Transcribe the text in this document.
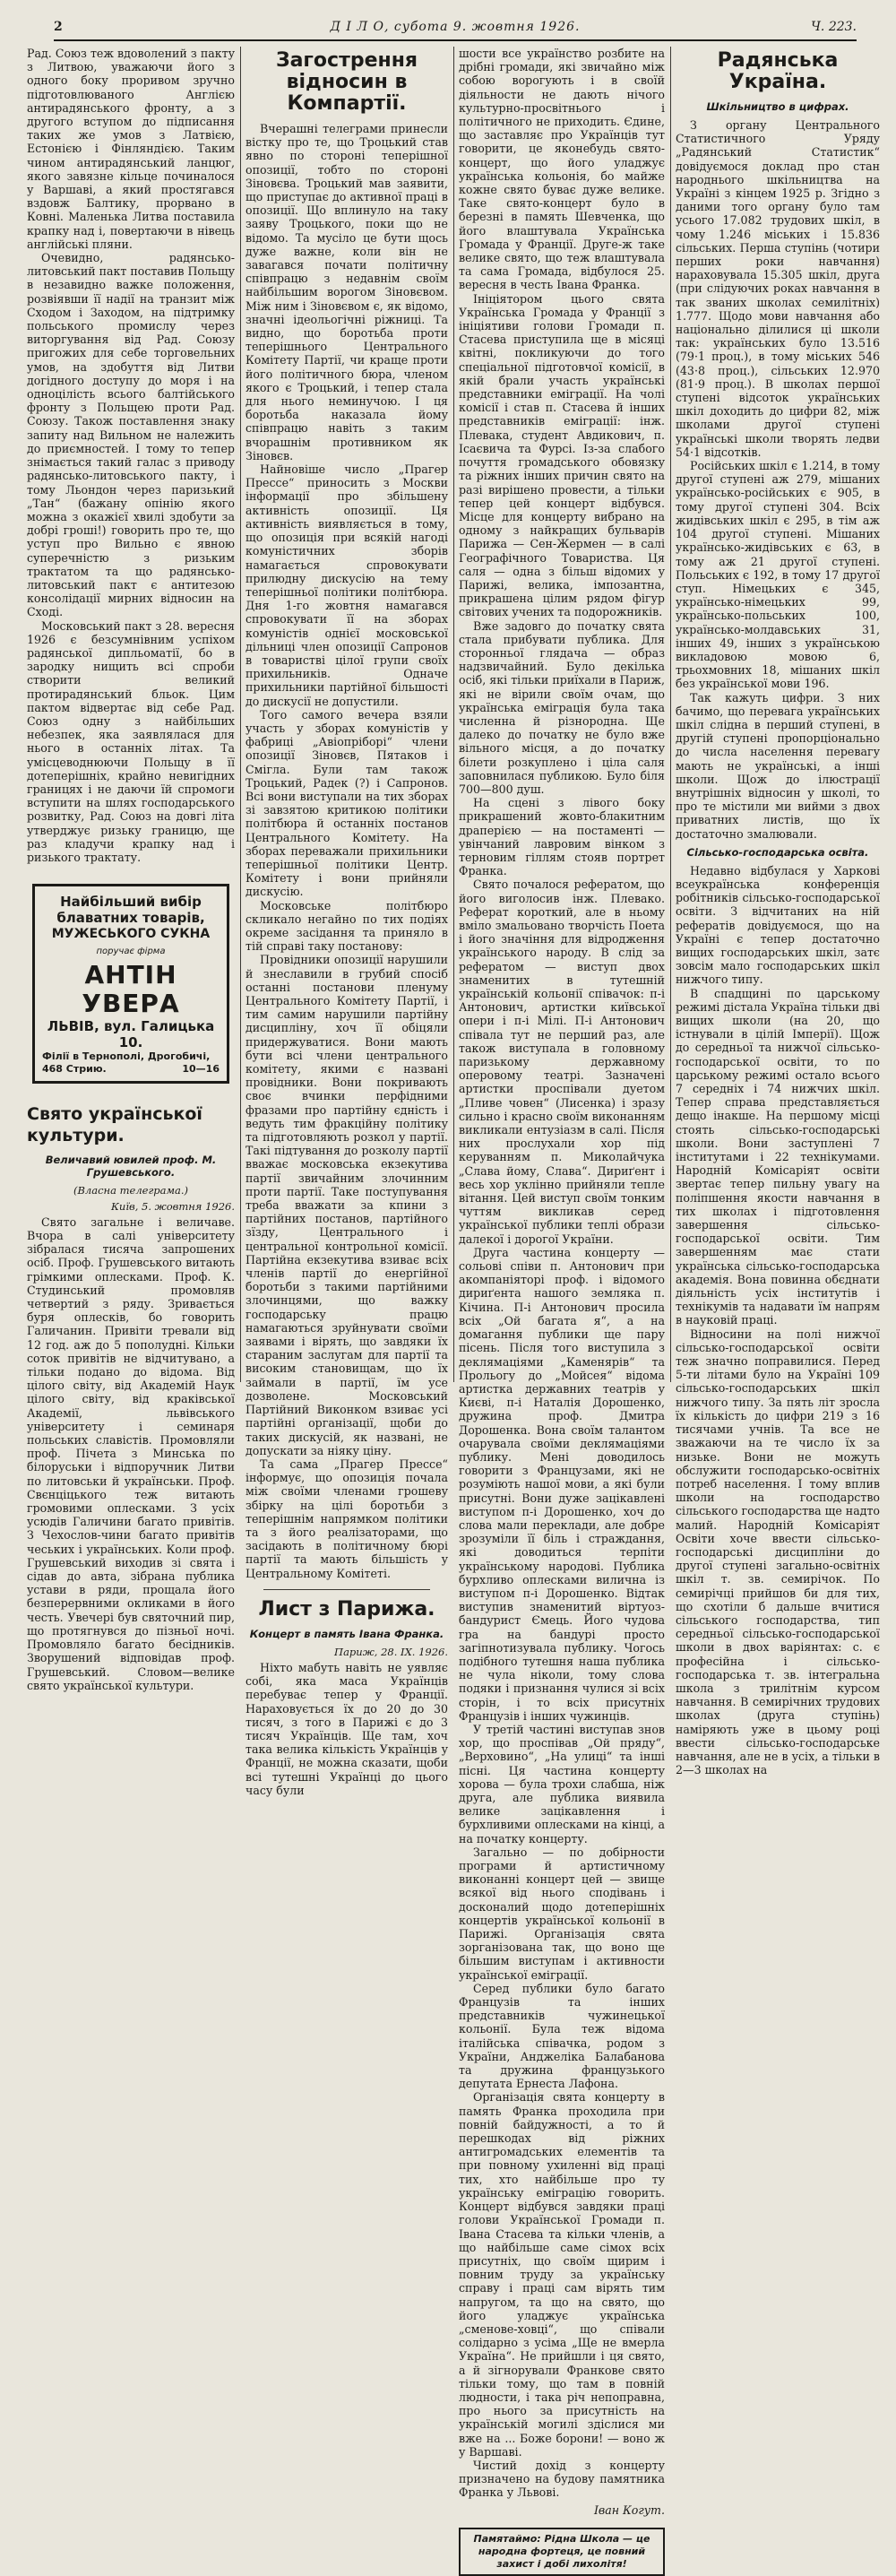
2	Д І Л О, субота 9. жовтня 1926.	Ч. 223.

Рад. Союз теж вдоволений з пакту з Литвою, уважаючи його з одного боку проривом зручно підготовлюваного Англією антирадянського фронту, а з другого вступом до підписання таких же умов з Латвією, Естонією і Фінляндією. Таким чином антирадянський ланцюг, якого завязне кільце починалося у Варшаві, а який простягався вздовж Балтику, прорвано в Ковні. Маленька Литва поставила крапку над і, повертаючи в нівець англійські пляни.

Очевидно, радянсько-литовський пакт поставив Польщу в незавидно важке положення, розвіявши її надії на транзит між Сходом і Заходом, на підтримку польського промислу через виторгування від Рад. Союзу пригожих для себе торговельних умов, на здобуття від Литви догідного доступу до моря і на одноцілість всього балтійського фронту з Польщею проти Рад. Союзу. Також поставлення знаку запиту над Вильном не належить до приємностей. І тому то тепер знімається такий галас з приводу радянсько-литовського пакту, і тому Льондон через паризький „Тан“ (бажану опінію якого можна з окажієї хвилі здобути за добрі гроші!) говорить про те, що уступ про Вильно є явною суперечністю з ризьким трактатом та що радянсько-литовський пакт є антитезою консолідації мирних відносин на Сході.

Московський пакт з 28. вересня 1926 є безсумнівним успіхом радянської дипльоматії, бо в зародку нищить всі спроби створити великий протирадянський бльок. Цим пактом відвертає від себе Рад. Союз одну з найбільших небезпек, яка заявлялася для нього в останніх літах. Та умісцеводнюючи Польщу в її дотеперішніх, крайно невигідних границях і не даючи їй спромоги вступити на шлях господарського розвитку, Рад. Союз на довгі літа утверджує ризьку границю, ще раз кладучи крапку над і ризького трактату.

Найбільший вибір
блаватних товарів,
МУЖЕСЬКОГО СУКНА
поручає фірма
АНТІН УВЕРА
ЛЬВІВ, вул. Галицька 10.
Філії в Тернополі, Дрогобичі,
468 Стрию.	10—16
Свято української культури.
Величавий ювилей проф. М. Грушевського.
(Власна телеграма.)
Київ, 5. жовтня 1926.

Свято загальне і величаве. Вчора в салі університету зібралася тисяча запрошених осіб. Проф. Грушевського витають грімкими оплесками. Проф. К. Студинський промовляв четвертий з ряду. Зривається буря оплесків, бо говорить Галичанин. Привіти тревали від 12 год. аж до 5 пополудні. Кільки соток привітів не відчитувано, а тільки подано до відома. Від цілого світу, від Академій Наук цілого світу, від краківської Академії, львівського університету і семинаря польських славістів. Промовляли проф. Пічета з Минська по білоруськи і відпоручник Литви по литовськи й українськи. Проф. Свєнціцького теж витають громовими оплесками. З усіх усюдів Галичини багато привітів. З Чехослов-чини багато привітів чеських і українських. Коли проф. Грушевський виходив зі свята і сідав до авта, зібрана публика устави в ряди, прощала його безперервними окликами в його честь. Увечері був святочний пир, що протягнувся до пізньої ночі. Промовляло багато бесідників. Зворушений відповідав проф. Грушевський. Словом—велике свято української культури.

Загострення відносин в Компартії.

Вчерашні телеграми принесли вістку про те, що Троцький став явно по стороні теперішної опозиції, тобто по стороні Зіновєва. Троцький мав заявити, що приступає до активної праці в опозиції. Що вплинуло на таку заяву Троцького, поки що не відомо. Та мусіло це бути щось дуже важне, коли він не завагався почати політичну співпрацю з недавнім своїм найбільшим ворогом Зіновєвом. Між ним і Зіновєвом є, як відомо, значні ідеольогічні ріжниці. Та видно, що боротьба проти теперішнього Центрального Комітету Партії, чи краще проти його політичного бюра, членом якого є Троцький, і тепер стала для нього неминучою. І ця боротьба наказала йому співпрацю навіть з таким вчорашнім противником як Зіновєв.

Найновіше число „Прагер Прессе“ приносить з Москви інформації про збільшену активність опозиції. Ця активність виявляється в тому, що опозиція при всякій нагоді комуністичних зборів намагається спровокувати прилюдну дискусію на тему теперішньої політики політбюра. Дня 1-го жовтня намагався спровокувати її на зборах комуністів однієї московської дільниці член опозиції Сапронов в товаристві цілої групи своїх прихильників. Одначе прихильники партійної більшості до дискусії не допустили.

Того самого вечера взяли участь у зборах комуністів у фабриці „Авіопріборі“ члени опозиції Зіновєв, Пятаков і Смігла. Були там також Троцький, Радек (?) і Сапронов. Всі вони виступали на тих зборах зі завзятою критикою політики політбюра й останніх постанов Центрального Комітету. На зборах переважали прихильники теперішньої політики Центр. Комітету і вони прийняли дискусію.

Московське політбюро скликало негайно по тих подіях окреме засідання та приняло в тій справі таку постанову:

Провідники опозиції нарушили й знеславили в грубий спосіб останні постанови пленуму Центрального Комітету Партії, і тим самим нарушили партійну дисципліну, хоч її обіцяли придержуватися. Вони мають бути всі члени центрального комітету, якими є названі провідники. Вони покривають своє вчинки перфідними фразами про партійну єдність і ведуть тим фракційну політику та підготовляють розкол у партії. Такі підтування до розколу партії вважає московська екзекутива партії звичайним злочинним проти партії. Таке поступування треба вважати за кпини з партійних постанов, партійного зїзду, Центрального і центральної контрольної комісії. Партійна екзекутива взиває всіх членів партії до енергійної боротьби з такими партійними злочинцями, що важку господарську працю намагаються зруйнувати своїми заявами і вірять, що завдяки їх стараним заслугам для партії та високим становищам, що їх займали в партії, їм усе дозволене. Московський Партійний Виконком взиває усі партійні організації, щоби до таких дискусій, як названі, не допускати за ніяку ціну.

Та сама „Прагер Прессе“ інформує, що опозиція почала між своїми членами грошеву збірку на цілі боротьби з теперішнім напрямком політики та з його реалізаторами, що засідають в політичному бюрі партії та мають більшість у Центральному Комітеті.

Лист з Парижа.
Концерт в память Івана Франка.
Париж, 28. IX. 1926.

Ніхто мабуть навіть не уявляє собі, яка маса Українців перебуває тепер у Франції. Нараховується їх до 20 до 30 тисяч, з того в Парижі є до 3 тисяч Українців. Ще там, хоч така велика кількість Українців у Франції, не можна сказати, щоби всі тутешні Українці до цього часу були

шости все українство розбите на дрібні громади, які звичайно між собою ворогують і в своїй діяльности не дають нічого культурно-просвітнього і політичного не приходить. Єдине, що заставляє про Українців тут говорити, це яконебудь свято-концерт, що його уладжує українська кольонія, бо майже кожне свято буває дуже велике. Таке свято-концерт було в березні в память Шевченка, що його влаштувала Українська Громада у Франції. Друге-ж таке велике свято, що теж влаштувала та сама Громада, відбулося 25. вересня в честь Івана Франка.

Ініціятором цього свята Українська Громада у Франції з ініціятиви голови Громади п. Стасева приступила ще в місяці квітні, покликуючи до того спеціальної підготовчої комісії, в якій брали участь українські представники еміграції. На чолі комісії і став п. Стасева й інших представників еміграції: інж. Плевака, студент Авдикович, п. Ісаєвича та Фурсі. Із-за слабого почуття громадського обовязку та ріжних інших причин свято на разі вирішено провести, а тільки тепер цей концерт відбувся. Місце для концерту вибрано на одному з найкращих бульварів Парижа — Сен-Жермен — в салі Географічного Товариства. Ця саля — одна з більш відомих у Парижі, велика, імпозантна, прикрашена цілим рядом фігур світових учених та подорожників.

Вже задовго до початку свята стала прибувати публика. Для сторонньої глядача — образ надзвичайний. Було декілька осіб, які тільки приїхали в Париж, які не вірили своїм очам, що українська еміграція була така численна й різнородна. Ще далеко до початку не було вже вільного місця, а до початку білети розкуплено і ціла саля заповнилася публикою. Було біля 700—800 душ.

На сцені з лівого боку прикрашений жовто-блакитним драперією — на постаменті — увінчаний лавровим вінком з терновим гіллям стояв портрет Франка.

Свято почалося рефератом, що його виголосив інж. Плевако. Реферат короткий, але в ньому вміло змальовано творчість Поета і його значіння для відродження українського народу. В слід за рефератом — виступ двох знаменитих в тутешній українській кольонії співачок: п-і Антонович, артистки київської опери і п-і Мілі. П-і Антонович співала тут не перший раз, але також виступала в головному паризькому державному оперовому театрі. Зазначені артистки проспівали дуетом „Пливе човен“ (Лисенка) і зразу сильно і красно своїм виконанням викликали ентузіазм в салі. Після них прослухали хор під керуванням п. Миколайчука „Слава йому, Слава“. Дириґент і весь хор уклінно прийняли тепле вітання. Цей виступ своїм тонким чуттям викликав серед української публики теплі образи далекої і дорогої України.

Друга частина концерту — сольові співи п. Антонович при акомпаніяторі проф. і відомого дириґента нашого земляка п. Кічина. П-і Антонович просила всіх „Ой багата я“, а на домагання публики ще пару пісень. Після того виступила з деклямаціями „Каменярів“ та Прольогу до „Мойсея“ відома артистка державних театрів у Києві, п-і Наталія Дорошенко, дружина проф. Дмитра Дорошенка. Вона своїм талантом очарувала своїми деклямаціями публику. Мені доводилось говорити з Французами, які не розуміють нашої мови, а які були присутні. Вони дуже зацікавлені виступом п-і Дорошенко, хоч до слова мали переклади, але добре зрозуміли її біль і страждання, які доводиться терпіти українському народові. Публика бурхливо оплесками вилична із виступом п-і Дорошенко. Відтак виступив знаменитий віртуоз-бандурист Ємець. Його чудова гра на бандурі просто загіпнотизувала публику. Чогось подібного тутешня наша публика не чула ніколи, тому слова подяки і признання чулися зі всіх сторін, і то всіх присутніх Французів і інших чужинців.

У третій частині виступав знов хор, що проспівав „Ой пряду“, „Верховино“, „На улиці“ та інші пісні. Ця частина концерту хорова — була трохи слабша, ніж друга, але публика виявила велике зацікавлення і бурхливими оплесками на кінці, а на початку концерту.

Загально — по добірности програми й артистичному виконанні концерт цей — звище всякої від нього сподівань і досконалий щодо дотеперішніх концертів української кольонії в Парижі. Організація свята зорганізована так, що воно ще більшим виступам і активности української еміграції.

Серед публики було багато Французів та інших представників чужинецької кольонії. Була теж відома італійська співачка, родом з України, Анджеліка Балабанова та дружина французького депутата Ернеста Лафона.

Організація свята концерту в память Франка проходила при повній байдужності, а то й перешкодах від ріжних антигромадських елементів та при повному ухиленні від праці тих, хто найбільше про ту українську еміграцію говорить. Концерт відбувся завдяки праці голови Української Громади п. Івана Стасева та кільки членів, а що найбільше саме сімох всіх присутніх, що своїм щирим і повним труду за українську справу і праці сам вірять тим напругом, та що на свято, що його уладжує українська „сменове-ховці“, що співали солідарно з усіма „Ще не вмерла Україна“. Не прийшли і ця свято, а й зігнорували Франкове свято тільки тому, що там в повній людности, і така річ непоправна, про нього за присутність на українській могилі здіслися ми вже на ... Боже борони! — воно ж у Варшаві.

Чистий дохід з концерту призначено на будову памятника Франка у Львові.

Іван Когут.
Памятаймо: Рідна Школа — це народна фортеця, це повний захист і добі лихолітя!
Радянська Україна.
Шкільництво в цифрах.

З органу Центрального Статистичного Уряду „Радянський Статистик“ довідуємося доклад про стан народнього шкільництва на Україні з кінцем 1925 р. Згідно з даними того органу було там усього 17.082 трудових шкіл, в чому 1.246 міських і 15.836 сільських. Перша ступінь (чотири перших роки навчання) нараховувала 15.305 шкіл, друга (при слідуючих роках навчання в так званих школах семилітніх) 1.777. Щодо мови навчання або національно ділилися ці школи так: українських було 13.516 (79·1 проц.), в тому міських 546 (43·8 проц.), сільських 12.970 (81·9 проц.). В школах першої ступені відсоток українських шкіл доходить до цифри 82, між школами другої ступені українські школи творять ледви 54·1 відсотків.

Російських шкіл є 1.214, в тому другої ступені аж 279, мішаних українсько-російських є 905, в тому другої ступені 304. Всіх жидівських шкіл є 295, в тім аж 104 другої ступені. Мішаних українсько-жидівських є 63, в тому аж 21 другої ступені. Польських є 192, в тому 17 другої ступ. Німецьких є 345, українсько-німецьких 99, українсько-польських 100, українсько-молдавських 31, інших 49, інших з українською викладовою мовою 6, трьохмовних 18, мішаних шкіл без української мови 196.

Так кажуть цифри. З них бачимо, що перевага українських шкіл слідна в перший ступені, в другій ступені пропорціонально до числа населення перевагу мають не українські, а інші школи. Щож до ілюстрації внутрішніх відносин у школі, то про те містили ми вийми з двох приватних листів, що їх достаточно змалювали.

Сільсько-господарська освіта.

Недавно відбулася у Харкові всеукраїнська конференція робітників сільсько-господарської освіти. З відчитаних на ній рефератів довідуємося, що на Україні є тепер достаточно вищих господарських шкіл, затє зовсім мало господарських шкіл нижчого типу.

В спадщині по царському режимі дістала Україна тільки дві вищих школи (на 20, що істнували в цілій Імперії). Щож до середньої та нижчої сільсько-господарської освіти, то по царському режимі остало всього 7 середніх і 74 нижчих шкіл. Тепер справа представляється дещо інакше. На першому місці стоять сільсько-господарські школи. Вони заступлені 7 інститутами і 22 технікумами. Народній Комісаріят освіти звертає тепер пильну увагу на поліпшення якости навчання в тих школах і підготовлення завершення сільсько-господарської освіти. Тим завершенням має стати українська сільсько-господарська академія. Вона повинна обєднати діяльність усіх інститутів і технікумів та надавати їм напрям в науковій праці.

Відносини на полі нижчої сільсько-господарської освіти теж значно поправилися. Перед 5-ти літами було на Україні 109 сільсько-господарських шкіл нижчого типу. За пять літ зросла їх кількість до цифри 219 з 16 тисячами учнів. Та все не зважаючи на те число їх за низьке. Вони не можуть обслужити господарсько-освітніх потреб населення. І тому вплив школи на господарство сільського господарства ще надто малий. Народній Комісаріят Освіти хоче ввести сільсько-господарські дисципліни до другої ступені загально-освітніх шкіл т. зв. семирічок. По семирічці прийшов би для тих, що схотіли б дальше вчитися сільського господарства, тип середньої сільсько-господарської школи в двох варіянтах: с. є професійна і сільсько-господарська т. зв. інтегральна школа з трилітнім курсом навчання. В семирічних трудових школах (друга ступінь) наміряють уже в цьому році ввести сільсько-господарське навчання, але не в усіх, а тільки в 2—3 школах на
